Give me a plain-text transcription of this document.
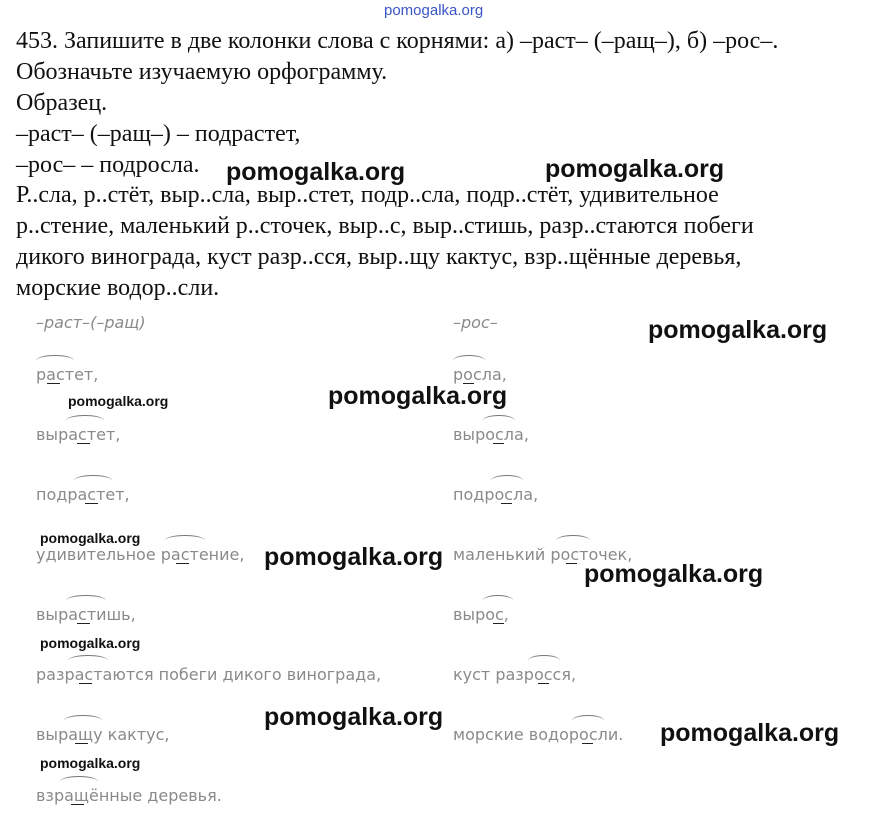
pomogalka.org
453. Запишите в две колонки слова с корнями: а) –раст– (–ращ–), б) –рос–.
Обозначьте изучаемую орфограмму.
Образец.
–раст– (–ращ–) – подрастет,
–рос– – подросла.
Р..сла, р..стёт, выр..сла, выр..стет, подр..сла, подр..стёт, удивительное
р..стение, маленький р..сточек, выр..с, выр..стишь, разр..стаются побеги
дикого винограда, куст разр..сся, выр..щу кактус, взр..щённые деревья,
морские водор..сли.
–раст–(–ращ)	–рос–
растет,
вырастет,
подрастет,
удивительное растение,
вырастишь,
разрастаются побеги дикого винограда,
выращу кактус,
взращённые деревья.
росла,
выросла,
подросла,
маленький росточек,
вырос,
куст разросся,
морские водоросли.
pomogalka.org	pomogalka.org
pomogalka.org
pomogalka.org
pomogalka.org
pomogalka.org
pomogalka.org
pomogalka.org
pomogalka.org
pomogalka.org
pomogalka.org
pomogalka.org
